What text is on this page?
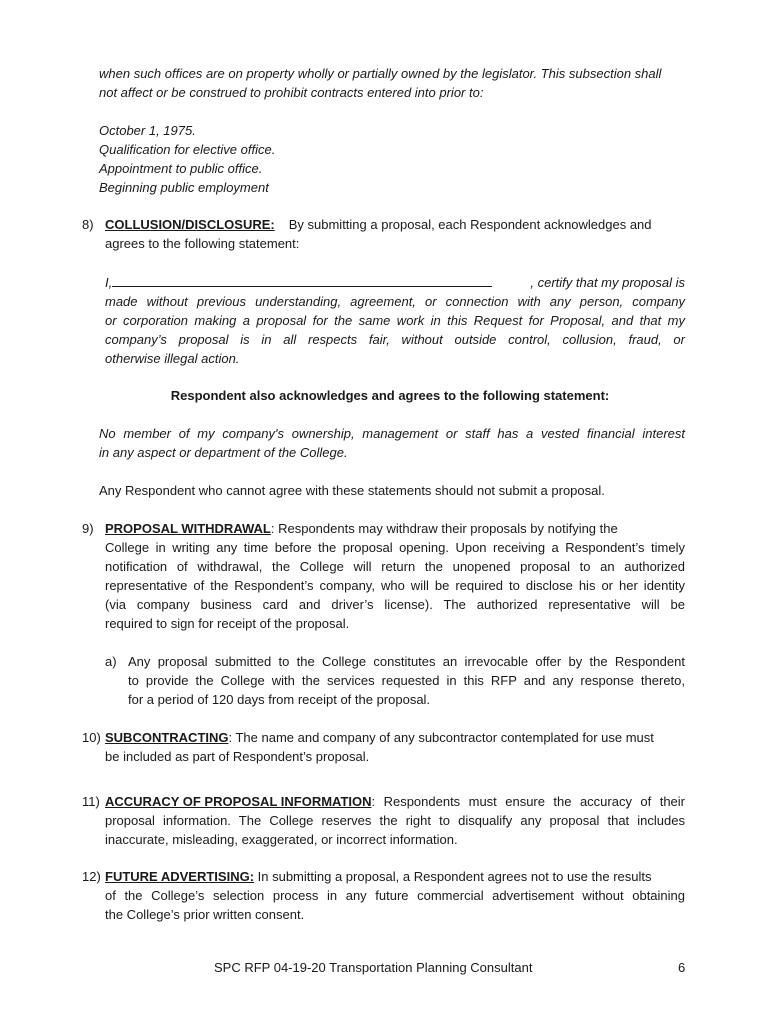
when such offices are on property wholly or partially owned by the legislator. This subsection shall
not affect or be construed to prohibit contracts entered into prior to:
October 1, 1975.
Qualification for elective office.
Appointment to public office.
Beginning public employment
8) COLLUSION/DISCLOSURE: By submitting a proposal, each Respondent acknowledges and
agrees to the following statement:
I,	, certify that my proposal is
made without previous understanding, agreement, or connection with any person, company
or corporation making a proposal for the same work in this Request for Proposal, and that my
company’s proposal is in all respects fair, without outside control, collusion, fraud, or
otherwise illegal action.
Respondent also acknowledges and agrees to the following statement:
No member of my company's ownership, management or staff has a vested financial interest
in any aspect or department of the College.
Any Respondent who cannot agree with these statements should not submit a proposal.
9) PROPOSAL WITHDRAWAL : Respondents may withdraw their proposals by notifying the
College in writing any time before the proposal opening. Upon receiving a Respondent’s timely
notification of withdrawal, the College will return the unopened proposal to an authorized
representative of the Respondent’s company, who will be required to disclose his or her identity
(via company business card and driver’s license). The authorized representative will be
required to sign for receipt of the proposal.
a) Any proposal submitted to the College constitutes an irrevocable offer by the Respondent
to provide the College with the services requested in this RFP and any response thereto,
for a period of 120 days from receipt of the proposal.
10) SUBCONTRACTING: The name and company of any subcontractor contemplated for use must
be included as part of Respondent’s proposal.
11) ACCURACY OF PROPOSAL INFORMATION : Respondents must ensure the accuracy of their
proposal information. The College reserves the right to disqualify any proposal that includes
inaccurate, misleading, exaggerated, or incorrect information.
12) FUTURE ADVERTISING: In submitting a proposal, a Respondent agrees not to use the results
of the College’s selection process in any future commercial advertisement without obtaining
the College’s prior written consent.
SPC RFP 04-19-20 Transportation Planning Consultant	6
